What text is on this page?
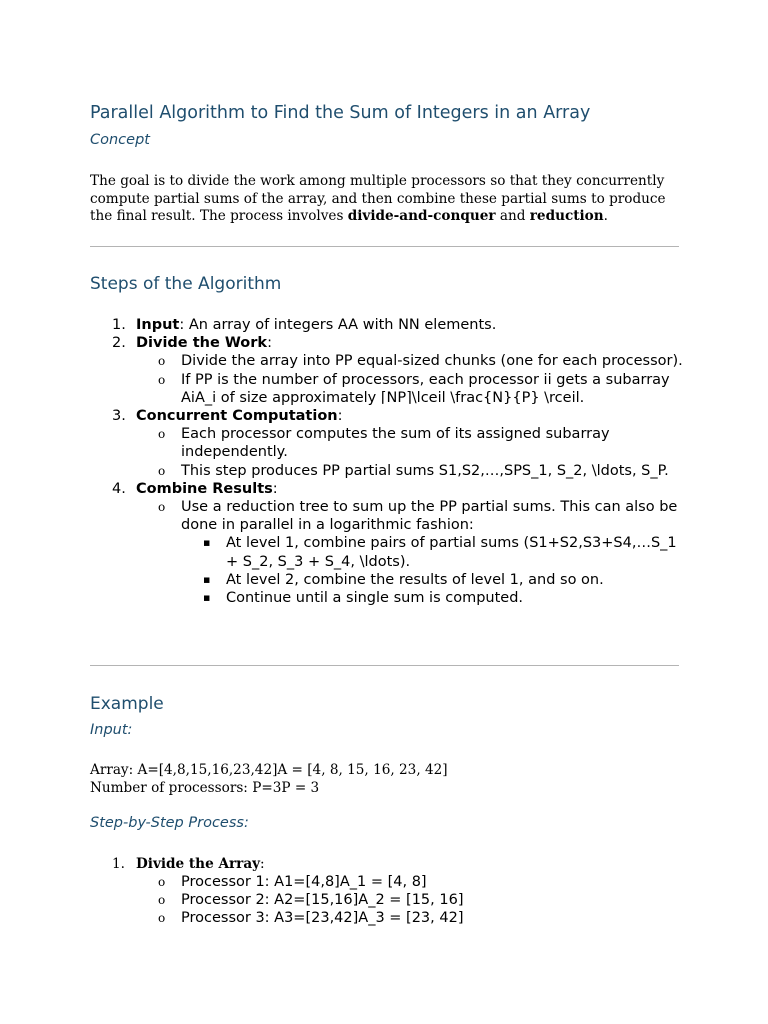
Parallel Algorithm to Find the Sum of Integers in an Array
Concept

The goal is to divide the work among multiple processors so that they concurrently compute partial sums of the array, and then combine these partial sums to produce the final result. The process involves divide-and-conquer and reduction.

Steps of the Algorithm
1. Input: An array of integers AA with NN elements.
2. Divide the Work:
o Divide the array into PP equal-sized chunks (one for each processor).
o If PP is the number of processors, each processor ii gets a subarray AiA_i of size approximately ⌈NP⌉\lceil \frac{N}{P} \rceil.
3. Concurrent Computation:
o Each processor computes the sum of its assigned subarray independently.
o This step produces PP partial sums S1,S2,…,SPS_1, S_2, \ldots, S_P.
4. Combine Results:
o Use a reduction tree to sum up the PP partial sums. This can also be done in parallel in a logarithmic fashion:
▪ At level 1, combine pairs of partial sums (S1+S2,S3+S4,…S_1 + S_2, S_3 + S_4, \ldots).
▪ At level 2, combine the results of level 1, and so on.
▪ Continue until a single sum is computed.
Example
Input:

Array: A=[4,8,15,16,23,42]A = [4, 8, 15, 16, 23, 42]

Number of processors: P=3P = 3

Step-by-Step Process:
1. Divide the Array:
o Processor 1: A1=[4,8]A_1 = [4, 8]
o Processor 2: A2=[15,16]A_2 = [15, 16]
o Processor 3: A3=[23,42]A_3 = [23, 42]
